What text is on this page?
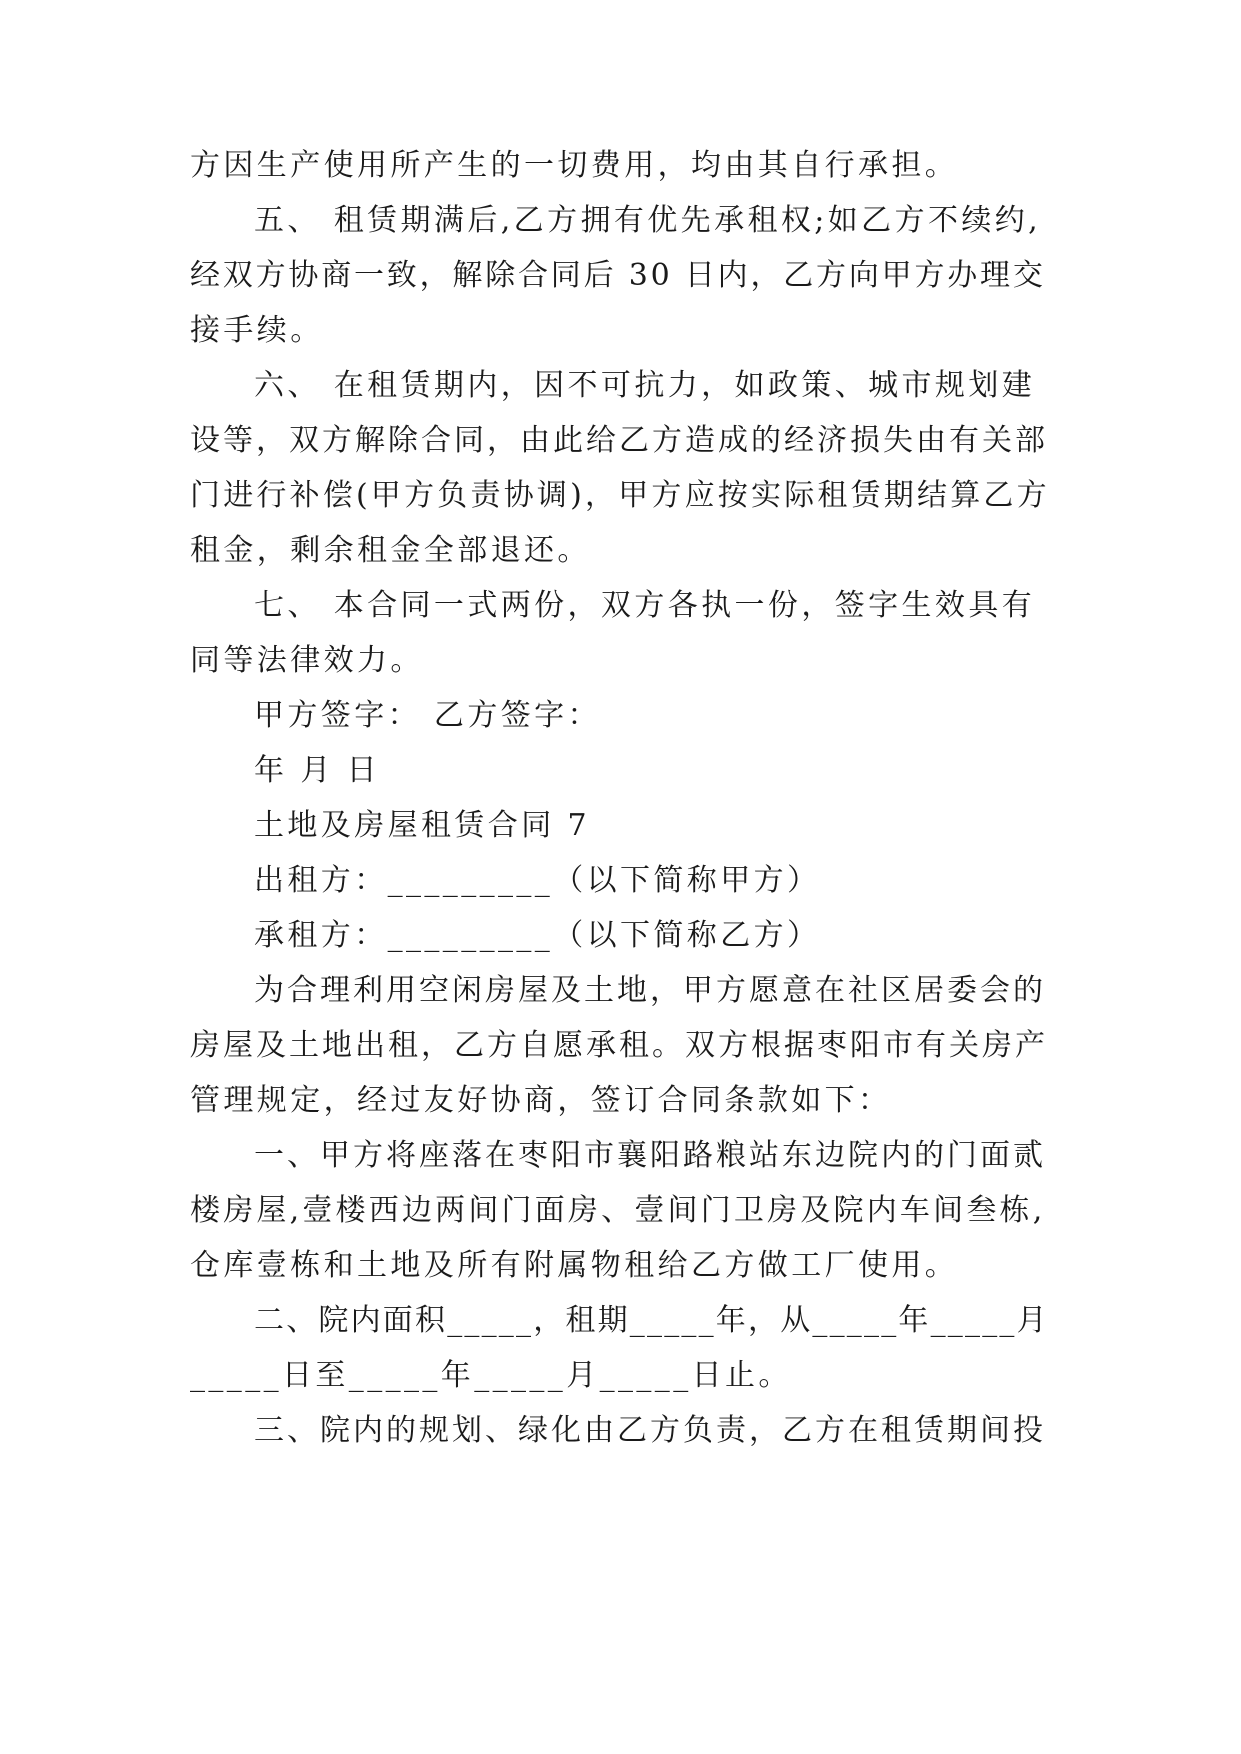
方因生产使用所产生的一切费用，均由其自行承担。
五、 租赁期满后,乙方拥有优先承租权;如乙方不续约,
经双方协商一致，解除合同后 30 日内，乙方向甲方办理交
接手续。
六、 在租赁期内，因不可抗力，如政策、城市规划建
设等，双方解除合同，由此给乙方造成的经济损失由有关部
门进行补偿(甲方负责协调)，甲方应按实际租赁期结算乙方
租金，剩余租金全部退还。
七、 本合同一式两份，双方各执一份，签字生效具有
同等法律效力。
甲方签字： 乙方签字：
年 月 日
土地及房屋租赁合同 7
出租方：_________（以下简称甲方）
承租方：_________（以下简称乙方）
为合理利用空闲房屋及土地，甲方愿意在社区居委会的
房屋及土地出租，乙方自愿承租。双方根据枣阳市有关房产
管理规定，经过友好协商，签订合同条款如下：
一、甲方将座落在枣阳市襄阳路粮站东边院内的门面贰
楼房屋,壹楼西边两间门面房、壹间门卫房及院内车间叁栋,
仓库壹栋和土地及所有附属物租给乙方做工厂使用。
二、院内面积_____，租期_____年，从_____年_____月
_____日至_____年_____月_____日止。
三、院内的规划、绿化由乙方负责，乙方在租赁期间投
